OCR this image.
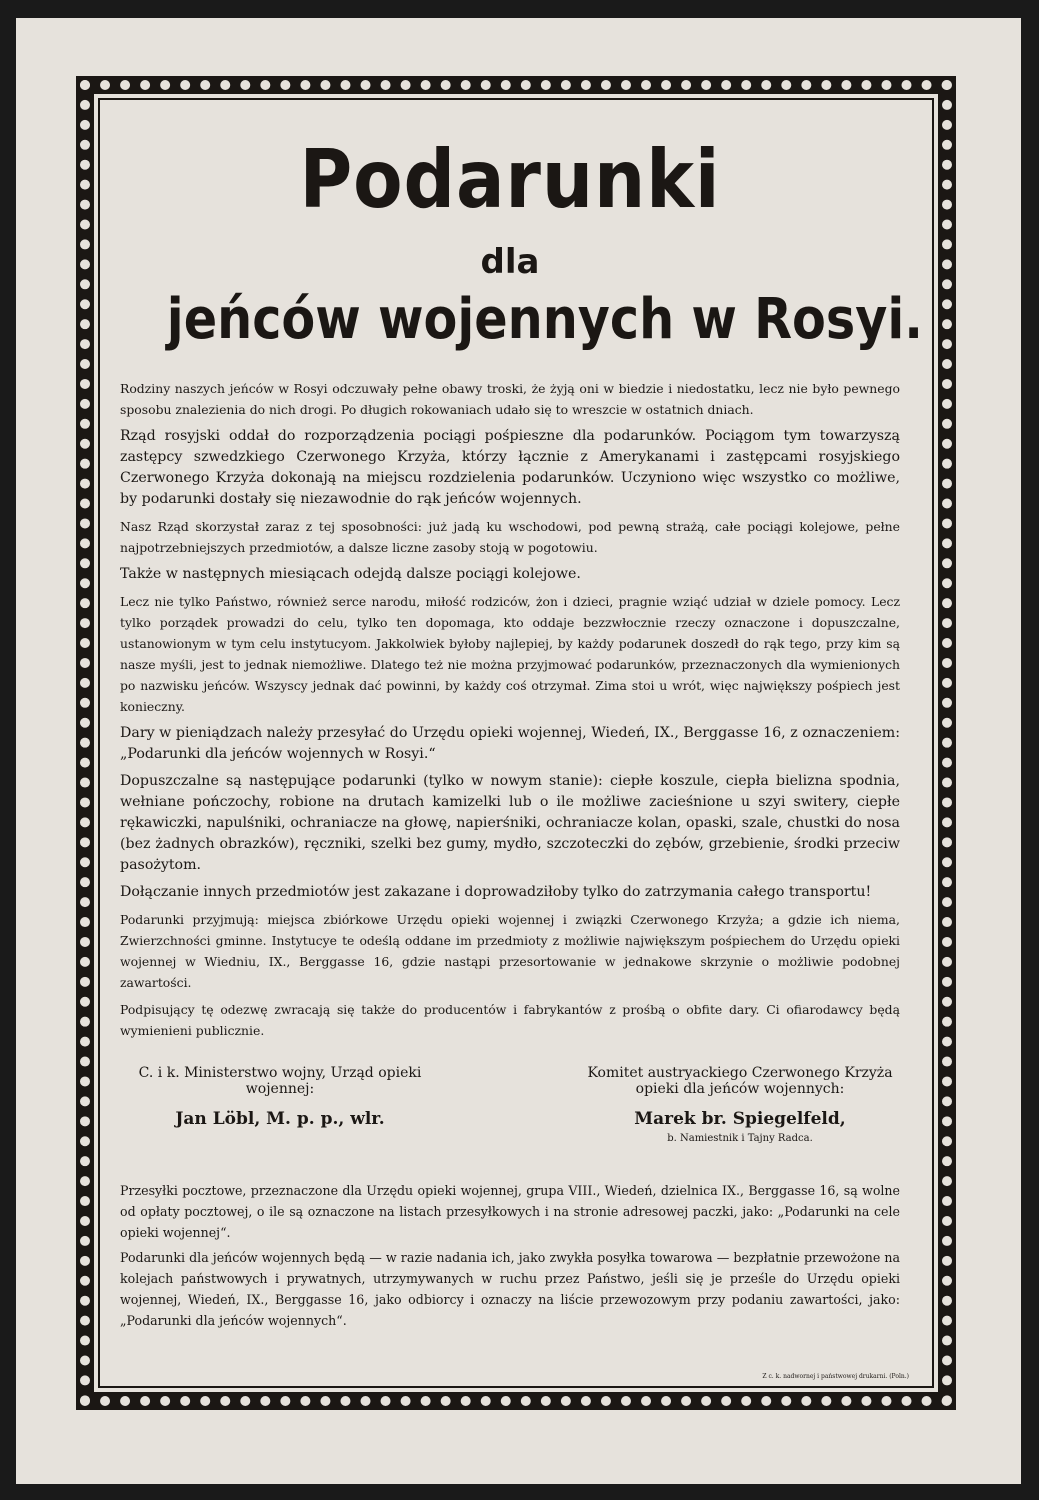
Podarunki
dla
jeńców wojennych w Rosyi.

Rodziny naszych jeńców w Rosyi odczuwały pełne obawy troski, że żyją oni w biedzie i niedostatku, lecz nie było pewnego sposobu znalezienia do nich drogi. Po długich rokowaniach udało się to wreszcie w ostatnich dniach.

Rząd rosyjski oddał do rozporządzenia pociągi pośpieszne dla podarunków. Pociągom tym towarzyszą zastępcy szwedzkiego Czerwonego Krzyża, którzy łącznie z Amerykanami i zastępcami rosyjskiego Czerwonego Krzyża dokonają na miejscu rozdzielenia podarunków. Uczyniono więc wszystko co możliwe, by podarunki dostały się niezawodnie do rąk jeńców wojennych.

Nasz Rząd skorzystał zaraz z tej sposobności: już jadą ku wschodowi, pod pewną strażą, całe pociągi kolejowe, pełne najpotrzebniejszych przedmiotów, a dalsze liczne zasoby stoją w pogotowiu.

Także w następnych miesiącach odejdą dalsze pociągi kolejowe.

Lecz nie tylko Państwo, również serce narodu, miłość rodziców, żon i dzieci, pragnie wziąć udział w dziele pomocy. Lecz tylko porządek prowadzi do celu, tylko ten dopomaga, kto oddaje bezzwłocznie rzeczy oznaczone i dopuszczalne, ustanowionym w tym celu instytucyom. Jakkolwiek byłoby najlepiej, by każdy podarunek doszedł do rąk tego, przy kim są nasze myśli, jest to jednak niemożliwe. Dlatego też nie można przyjmować podarunków, przeznaczonych dla wymienionych po nazwisku jeńców. Wszyscy jednak dać powinni, by każdy coś otrzymał. Zima stoi u wrót, więc największy pośpiech jest konieczny.

Dary w pieniądzach należy przesyłać do Urzędu opieki wojennej, Wiedeń, IX., Berggasse 16, z oznaczeniem: „Podarunki dla jeńców wojennych w Rosyi.“

Dopuszczalne są następujące podarunki (tylko w nowym stanie): ciepłe koszule, ciepła bielizna spodnia, wełniane pończochy, robione na drutach kamizelki lub o ile możliwe zacieśnione u szyi switery, ciepłe rękawiczki, napulśniki, ochraniacze na głowę, napierśniki, ochraniacze kolan, opaski, szale, chustki do nosa (bez żadnych obrazków), ręczniki, szelki bez gumy, mydło, szczoteczki do zębów, grzebienie, środki przeciw pasożytom.

Dołączanie innych przedmiotów jest zakazane i doprowadziłoby tylko do zatrzymania całego transportu!

Podarunki przyjmują: miejsca zbiórkowe Urzędu opieki wojennej i związki Czerwonego Krzyża; a gdzie ich niema, Zwierzchności gminne. Instytucye te odeślą oddane im przedmioty z możliwie największym pośpiechem do Urzędu opieki wojennej w Wiedniu, IX., Berggasse 16, gdzie nastąpi przesortowanie w jednakowe skrzynie o możliwie podobnej zawartości.

Podpisujący tę odezwę zwracają się także do producentów i fabrykantów z prośbą o obfite dary. Ci ofiarodawcy będą wymienieni publicznie.

C. i k. Ministerstwo wojny, Urząd opieki wojennej:
Jan Löbl, M. p. p., wlr.
Komitet austryackiego Czerwonego Krzyża opieki dla jeńców wojennych:
Marek br. Spiegelfeld,
b. Namiestnik i Tajny Radca.

Przesyłki pocztowe, przeznaczone dla Urzędu opieki wojennej, grupa VIII., Wiedeń, dzielnica IX., Berggasse 16, są wolne od opłaty pocztowej, o ile są oznaczone na listach przesyłkowych i na stronie adresowej paczki, jako: „Podarunki na cele opieki wojennej“.

Podarunki dla jeńców wojennych będą — w razie nadania ich, jako zwykła posyłka towarowa — bezpłatnie przewożone na kolejach państwowych i prywatnych, utrzymywanych w ruchu przez Państwo, jeśli się je prześle do Urzędu opieki wojennej, Wiedeń, IX., Berggasse 16, jako odbiorcy i oznaczy na liście przewozowym przy podaniu zawartości, jako: „Podarunki dla jeńców wojennych“.

Z c. k. nadwornej i państwowej drukarni. (Poln.)
